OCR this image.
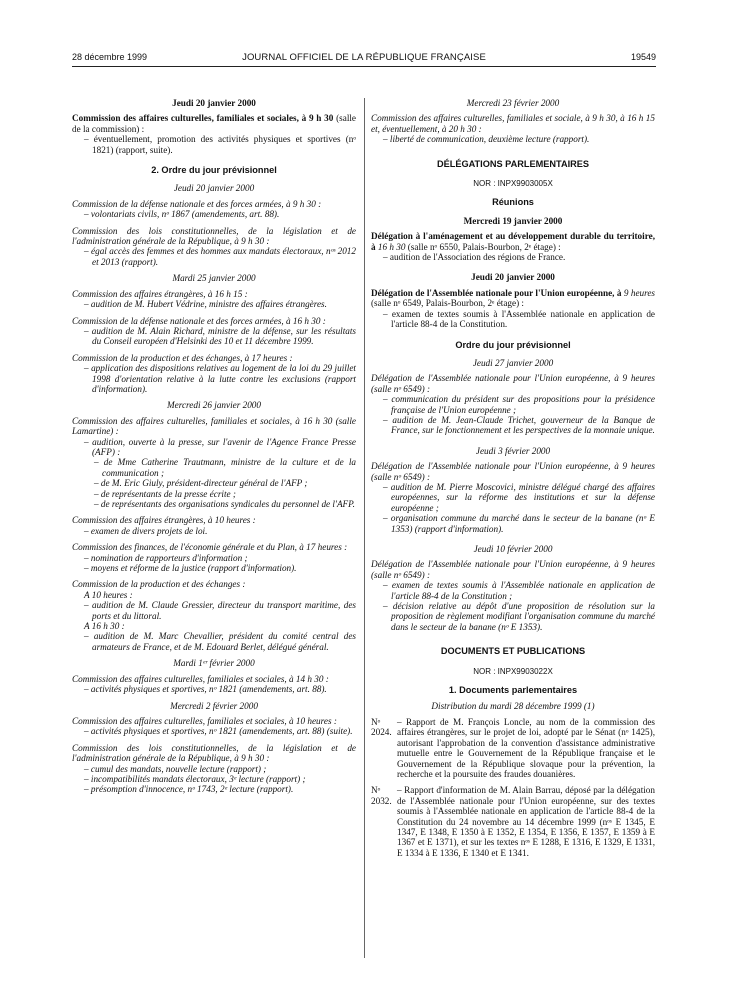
28 décembre 1999	JOURNAL OFFICIEL DE LA RÉPUBLIQUE FRANÇAISE	19549
Jeudi 20 janvier 2000
Commission des affaires culturelles, familiales et sociales, à 9 h 30 (salle de la commission) :
– éventuellement, promotion des activités physiques et sportives (nᵒ 1821) (rapport, suite).
2. Ordre du jour prévisionnel
Jeudi 20 janvier 2000
Commission de la défense nationale et des forces armées, à 9 h 30 :
– volontariats civils, nᵒ 1867 (amendements, art. 88).
Commission des lois constitutionnelles, de la législation et de l'administration générale de la République, à 9 h 30 :
– égal accès des femmes et des hommes aux mandats électoraux, nᵒˢ 2012 et 2013 (rapport).
Mardi 25 janvier 2000
Commission des affaires étrangères, à 16 h 15 :
– audition de M. Hubert Védrine, ministre des affaires étrangères.
Commission de la défense nationale et des forces armées, à 16 h 30 :
– audition de M. Alain Richard, ministre de la défense, sur les résultats du Conseil européen d'Helsinki des 10 et 11 décembre 1999.
Commission de la production et des échanges, à 17 heures :
– application des dispositions relatives au logement de la loi du 29 juillet 1998 d'orientation relative à la lutte contre les exclusions (rapport d'information).
Mercredi 26 janvier 2000
Commission des affaires culturelles, familiales et sociales, à 16 h 30 (salle Lamartine) :
– audition, ouverte à la presse, sur l'avenir de l'Agence France Presse (AFP) :
– de Mme Catherine Trautmann, ministre de la culture et de la communication ;
– de M. Eric Giuly, président-directeur général de l'AFP ;
– de représentants de la presse écrite ;
– de représentants des organisations syndicales du personnel de l'AFP.
Commission des affaires étrangères, à 10 heures :
– examen de divers projets de loi.
Commission des finances, de l'économie générale et du Plan, à 17 heures :
– nomination de rapporteurs d'information ;
– moyens et réforme de la justice (rapport d'information).
Commission de la production et des échanges :
A 10 heures :
– audition de M. Claude Gressier, directeur du transport maritime, des ports et du littoral.
A 16 h 30 :
– audition de M. Marc Chevallier, président du comité central des armateurs de France, et de M. Edouard Berlet, délégué général.
Mardi 1ᵉʳ février 2000
Commission des affaires culturelles, familiales et sociales, à 14 h 30 :
– activités physiques et sportives, nᵒ 1821 (amendements, art. 88).
Mercredi 2 février 2000
Commission des affaires culturelles, familiales et sociales, à 10 heures :
– activités physiques et sportives, nᵒ 1821 (amendements, art. 88) (suite).
Commission des lois constitutionnelles, de la législation et de l'administration générale de la République, à 9 h 30 :
– cumul des mandats, nouvelle lecture (rapport) ;
– incompatibilités mandats électoraux, 3ᵉ lecture (rapport) ;
– présomption d'innocence, nᵒ 1743, 2ᵉ lecture (rapport).
Mercredi 23 février 2000
Commission des affaires culturelles, familiales et sociale, à 9 h 30, à 16 h 15 et, éventuellement, à 20 h 30 :
– liberté de communication, deuxième lecture (rapport).
DÉLÉGATIONS PARLEMENTAIRES
NOR : INPX9903005X
Réunions
Mercredi 19 janvier 2000
Délégation à l'aménagement et au développement durable du territoire, à 16 h 30 (salle nᵒ 6550, Palais-Bourbon, 2ᵉ étage) :
– audition de l'Association des régions de France.
Jeudi 20 janvier 2000
Délégation de l'Assemblée nationale pour l'Union européenne, à 9 heures (salle nᵒ 6549, Palais-Bourbon, 2ᵉ étage) :
– examen de textes soumis à l'Assemblée nationale en application de l'article 88-4 de la Constitution.
Ordre du jour prévisionnel
Jeudi 27 janvier 2000
Délégation de l'Assemblée nationale pour l'Union européenne, à 9 heures (salle nᵒ 6549) :
– communication du président sur des propositions pour la présidence française de l'Union européenne ;
– audition de M. Jean-Claude Trichet, gouverneur de la Banque de France, sur le fonctionnement et les perspectives de la monnaie unique.
Jeudi 3 février 2000
Délégation de l'Assemblée nationale pour l'Union européenne, à 9 heures (salle nᵒ 6549) :
– audition de M. Pierre Moscovici, ministre délégué chargé des affaires européennes, sur la réforme des institutions et sur la défense européenne ;
– organisation commune du marché dans le secteur de la banane (nᵒ E 1353) (rapport d'information).
Jeudi 10 février 2000
Délégation de l'Assemblée nationale pour l'Union européenne, à 9 heures (salle nᵒ 6549) :
– examen de textes soumis à l'Assemblée nationale en application de l'article 88-4 de la Constitution ;
– décision relative au dépôt d'une proposition de résolution sur la proposition de règlement modifiant l'organisation commune du marché dans le secteur de la banane (nᵒ E 1353).
DOCUMENTS ET PUBLICATIONS
NOR : INPX9903022X
1. Documents parlementaires
Distribution du mardi 28 décembre 1999 (1)
Nᵒ 2024.
– Rapport de M. François Loncle, au nom de la commission des affaires étrangères, sur le projet de loi, adopté par le Sénat (nᵒ 1425), autorisant l'approbation de la convention d'assistance administrative mutuelle entre le Gouvernement de la République française et le Gouvernement de la République slovaque pour la prévention, la recherche et la poursuite des fraudes douanières.
Nᵒ 2032.
– Rapport d'information de M. Alain Barrau, déposé par la délégation de l'Assemblée nationale pour l'Union européenne, sur des textes soumis à l'Assemblée nationale en application de l'article 88-4 de la Constitution du 24 novembre au 14 décembre 1999 (nᵒˢ E 1345, E 1347, E 1348, E 1350 à E 1352, E 1354, E 1356, E 1357, E 1359 à E 1367 et E 1371), et sur les textes nᵒˢ E 1288, E 1316, E 1329, E 1331, E 1334 à E 1336, E 1340 et E 1341.
